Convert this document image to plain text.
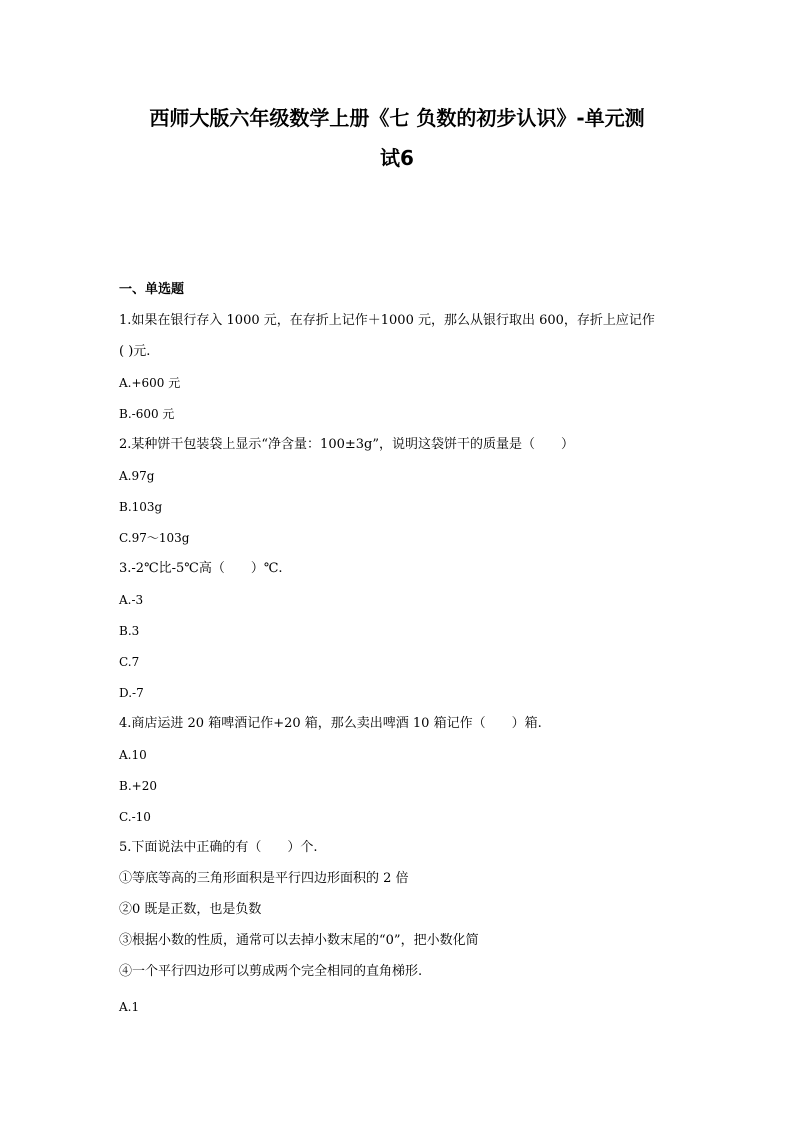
西师大版六年级数学上册《七 负数的初步认识》-单元测
试6
一、单选题
1.如果在银行存入 1000 元，在存折上记作＋1000 元，那么从银行取出 600，存折上应记作
( )元.
A.+600 元
B.-600 元
2.某种饼干包装袋上显示“净含量：100±3g”，说明这袋饼干的质量是（　　）
A.97g
B.103g
C.97～103g
3.-2℃比-5℃高（　　）℃.
A.-3
B.3
C.7
D.-7
4.商店运进 20 箱啤酒记作+20 箱，那么卖出啤酒 10 箱记作（　　）箱.
A.10
B.+20
C.-10
5.下面说法中正确的有（　　）个.
①等底等高的三角形面积是平行四边形面积的 2 倍
②0 既是正数，也是负数
③根据小数的性质，通常可以去掉小数末尾的“0”，把小数化简
④一个平行四边形可以剪成两个完全相同的直角梯形.
A.1
